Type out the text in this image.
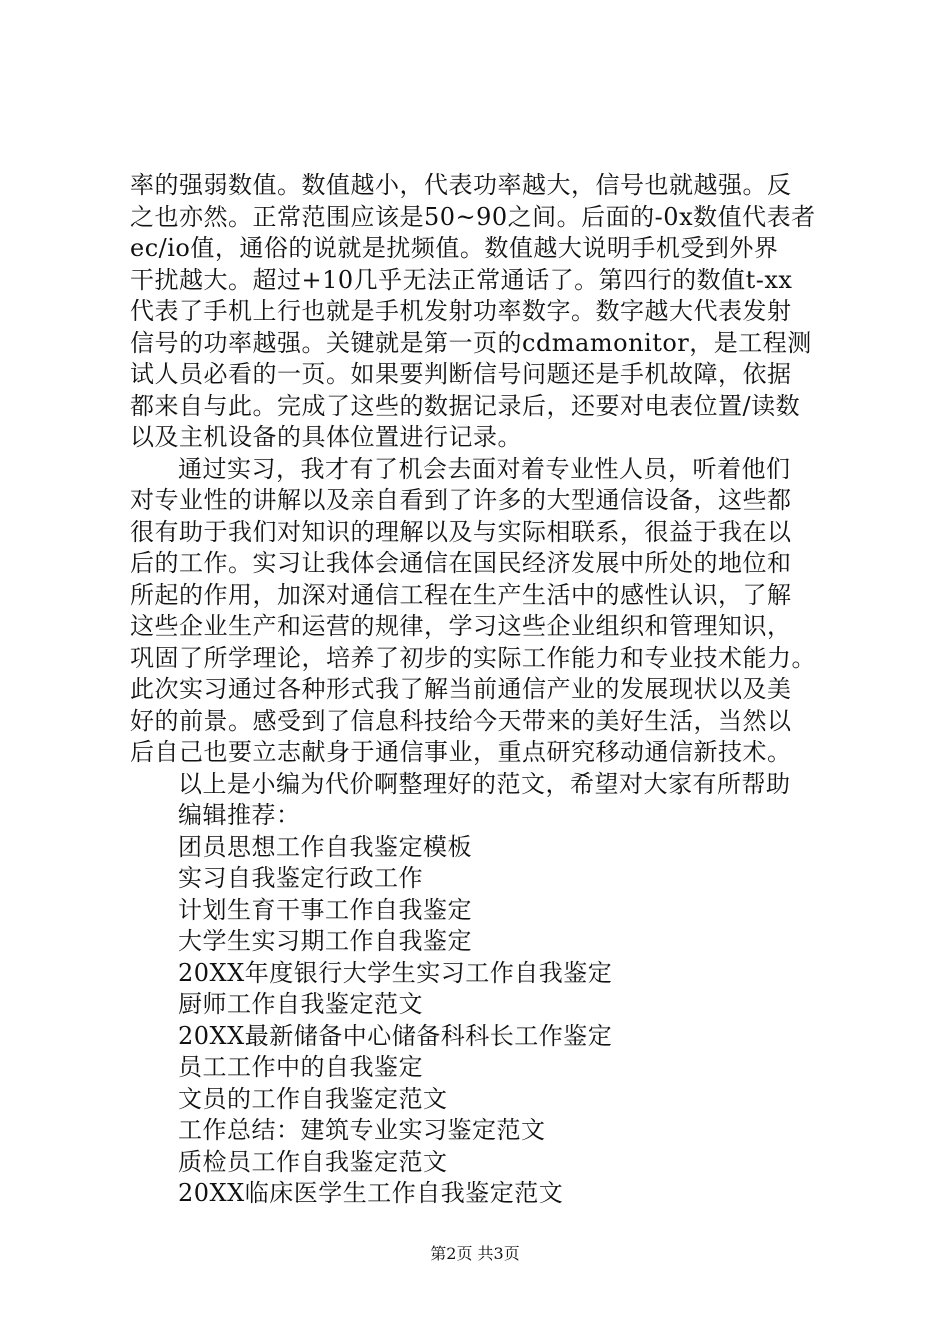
率的强弱数值。数值越小，代表功率越大，信号也就越强。反
之也亦然。正常范围应该是50~90之间。后面的-0x数值代表者
ec/io值，通俗的说就是扰频值。数值越大说明手机受到外界
干扰越大。超过+10几乎无法正常通话了。第四行的数值t-xx
代表了手机上行也就是手机发射功率数字。数字越大代表发射
信号的功率越强。关键就是第一页的cdmamonitor，是工程测
试人员必看的一页。如果要判断信号问题还是手机故障，依据
都来自与此。完成了这些的数据记录后，还要对电表位置/读数
以及主机设备的具体位置进行记录。
通过实习，我才有了机会去面对着专业性人员，听着他们
对专业性的讲解以及亲自看到了许多的大型通信设备，这些都
很有助于我们对知识的理解以及与实际相联系，很益于我在以
后的工作。实习让我体会通信在国民经济发展中所处的地位和
所起的作用，加深对通信工程在生产生活中的感性认识，了解
这些企业生产和运营的规律，学习这些企业组织和管理知识，
巩固了所学理论，培养了初步的实际工作能力和专业技术能力。
此次实习通过各种形式我了解当前通信产业的发展现状以及美
好的前景。感受到了信息科技给今天带来的美好生活，当然以
后自己也要立志献身于通信事业，重点研究移动通信新技术。
以上是小编为代价啊整理好的范文，希望对大家有所帮助
编辑推荐：
团员思想工作自我鉴定模板
实习自我鉴定行政工作
计划生育干事工作自我鉴定
大学生实习期工作自我鉴定
20XX年度银行大学生实习工作自我鉴定
厨师工作自我鉴定范文
20XX最新储备中心储备科科长工作鉴定
员工工作中的自我鉴定
文员的工作自我鉴定范文
工作总结：建筑专业实习鉴定范文
质检员工作自我鉴定范文
20XX临床医学生工作自我鉴定范文
第2页 共3页
